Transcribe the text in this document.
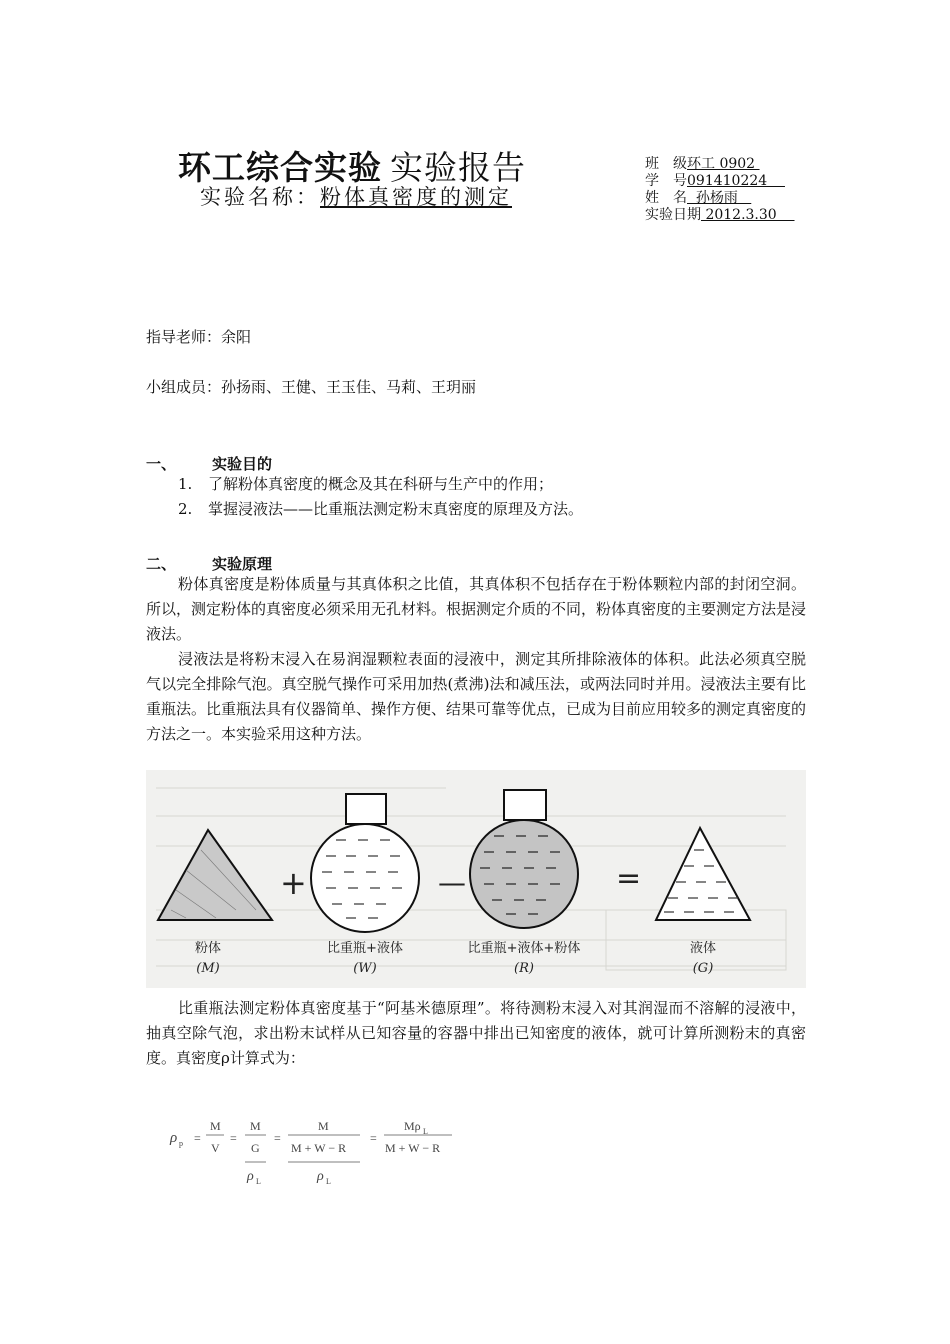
环工综合实验 实验报告
实验名称：粉体真密度的测定
班　级环工 0902
学　号091410224
姓　名  孙杨雨
实验日期 2012.3.30
指导老师：余阳
小组成员：孙扬雨、王健、王玉佳、马莉、王玥丽
一、 实验目的
1. 了解粉体真密度的概念及其在科研与生产中的作用；
2. 掌握浸液法——比重瓶法测定粉末真密度的原理及方法。
二、 实验原理

粉体真密度是粉体质量与其真体积之比值，其真体积不包括存在于粉体颗粒内部的封闭空洞。所以，测定粉体的真密度必须采用无孔材料。根据测定介质的不同，粉体真密度的主要测定方法是浸液法。

浸液法是将粉末浸入在易润湿颗粒表面的浸液中，测定其所排除液体的体积。此法必须真空脱气以完全排除气泡。真空脱气操作可采用加热(煮沸)法和减压法，或两法同时并用。浸液法主要有比重瓶法。比重瓶法具有仪器简单、操作方便、结果可靠等优点，已成为目前应用较多的测定真密度的方法之一。本实验采用这种方法。

+	—	=
粉体
(M)
比重瓶+液体
(W)
比重瓶+液体+粉体
(R)
液体
(G)

比重瓶法测定粉体真密度基于“阿基米德原理”。将待测粉末浸入对其润湿而不溶解的浸液中，抽真空除气泡，求出粉末试样从已知容量的容器中排出已知密度的液体，就可计算所测粉末的真密度。真密度ρ计算式为：

ρ p =
M
V
=
M
G
ρ L
=
M
M + W − R
ρ L
=
Mρ L
M + W − R
